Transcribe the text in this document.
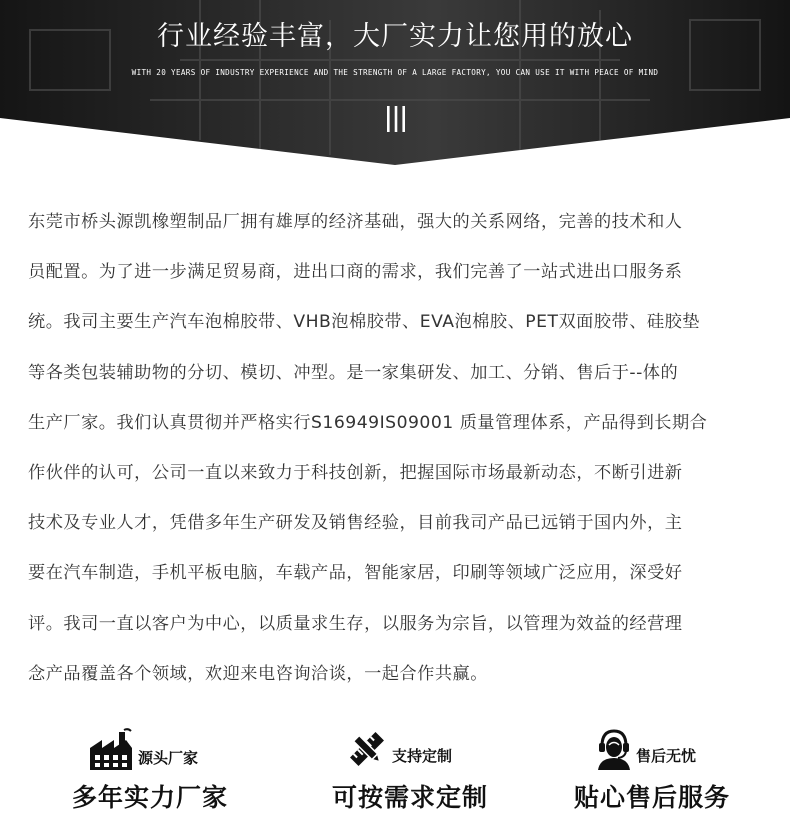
行业经验丰富，大厂实力让您用的放心
WITH 20 YEARS OF INDUSTRY EXPERIENCE AND THE STRENGTH OF A LARGE FACTORY, YOU CAN USE IT WITH PEACE OF MIND

东莞市桥头源凯橡塑制品厂拥有雄厚的经济基础，强大的关系网络，完善的技术和人
员配置。为了进一步满足贸易商，进出口商的需求，我们完善了一站式进出口服务系
统。我司主要生产汽车泡棉胶带、VHB泡棉胶带、EVA泡棉胶、PET双面胶带、硅胶垫
等各类包装辅助物的分切、模切、冲型。是一家集研发、加工、分销、售后于--体的
生产厂家。我们认真贯彻并严格实行S16949IS09001 质量管理体系，产品得到长期合
作伙伴的认可，公司一直以来致力于科技创新，把握国际市场最新动态，不断引进新
技术及专业人才，凭借多年生产研发及销售经验，目前我司产品已远销于国内外，主
要在汽车制造，手机平板电脑，车载产品，智能家居，印刷等领域广泛应用，深受好
评。我司一直以客户为中心，以质量求生存，以服务为宗旨，以管理为效益的经营理
念产品覆盖各个领域，欢迎来电咨询洽谈，一起合作共赢。

源头厂家
多年实力厂家
支持定制
可按需求定制
售后无忧
贴心售后服务
